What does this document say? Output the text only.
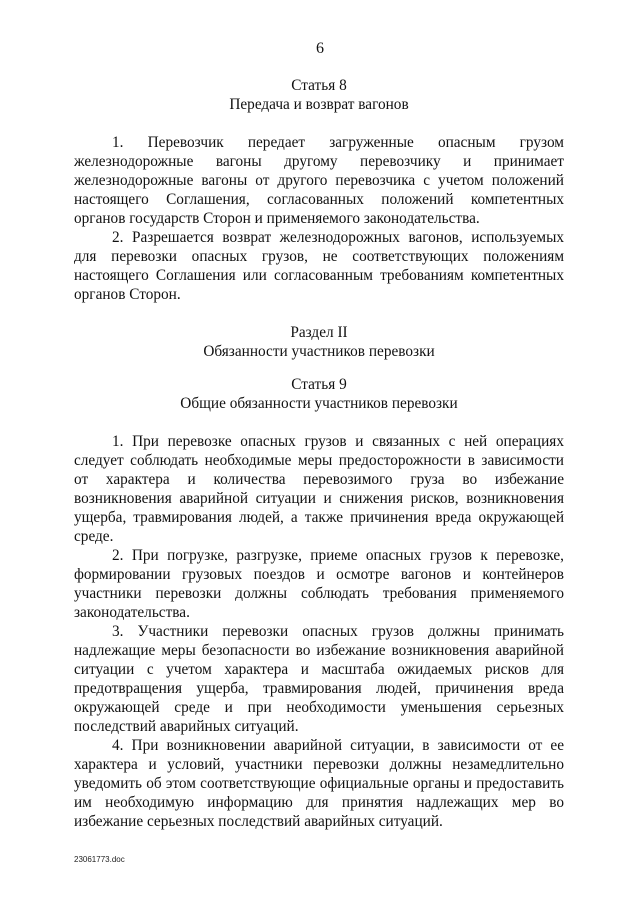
6
Статья 8
Передача и возврат вагонов

1. Перевозчик передает загруженные опасным грузом железнодорожные вагоны другому перевозчику и принимает железнодорожные вагоны от другого перевозчика с учетом положений настоящего Соглашения, согласованных положений компетентных органов государств Сторон и применяемого законодательства.

2. Разрешается возврат железнодорожных вагонов, используемых для перевозки опасных грузов, не соответствующих положениям настоящего Соглашения или согласованным требованиям компетентных органов Сторон.

Раздел II
Обязанности участников перевозки
Статья 9
Общие обязанности участников перевозки

1. При перевозке опасных грузов и связанных с ней операциях следует соблюдать необходимые меры предосторожности в зависимости от характера и количества перевозимого груза во избежание возникновения аварийной ситуации и снижения рисков, возникновения ущерба, травмирования людей, а также причинения вреда окружающей среде.

2. При погрузке, разгрузке, приеме опасных грузов к перевозке, формировании грузовых поездов и осмотре вагонов и контейнеров участники перевозки должны соблюдать требования применяемого законодательства.

3. Участники перевозки опасных грузов должны принимать надлежащие меры безопасности во избежание возникновения аварийной ситуации с учетом характера и масштаба ожидаемых рисков для предотвращения ущерба, травмирования людей, причинения вреда окружающей среде и при необходимости уменьшения серьезных последствий аварийных ситуаций.

4. При возникновении аварийной ситуации, в зависимости от ее характера и условий, участники перевозки должны незамедлительно уведомить об этом соответствующие официальные органы и предоставить им необходимую информацию для принятия надлежащих мер во избежание серьезных последствий аварийных ситуаций.

23061773.doc
